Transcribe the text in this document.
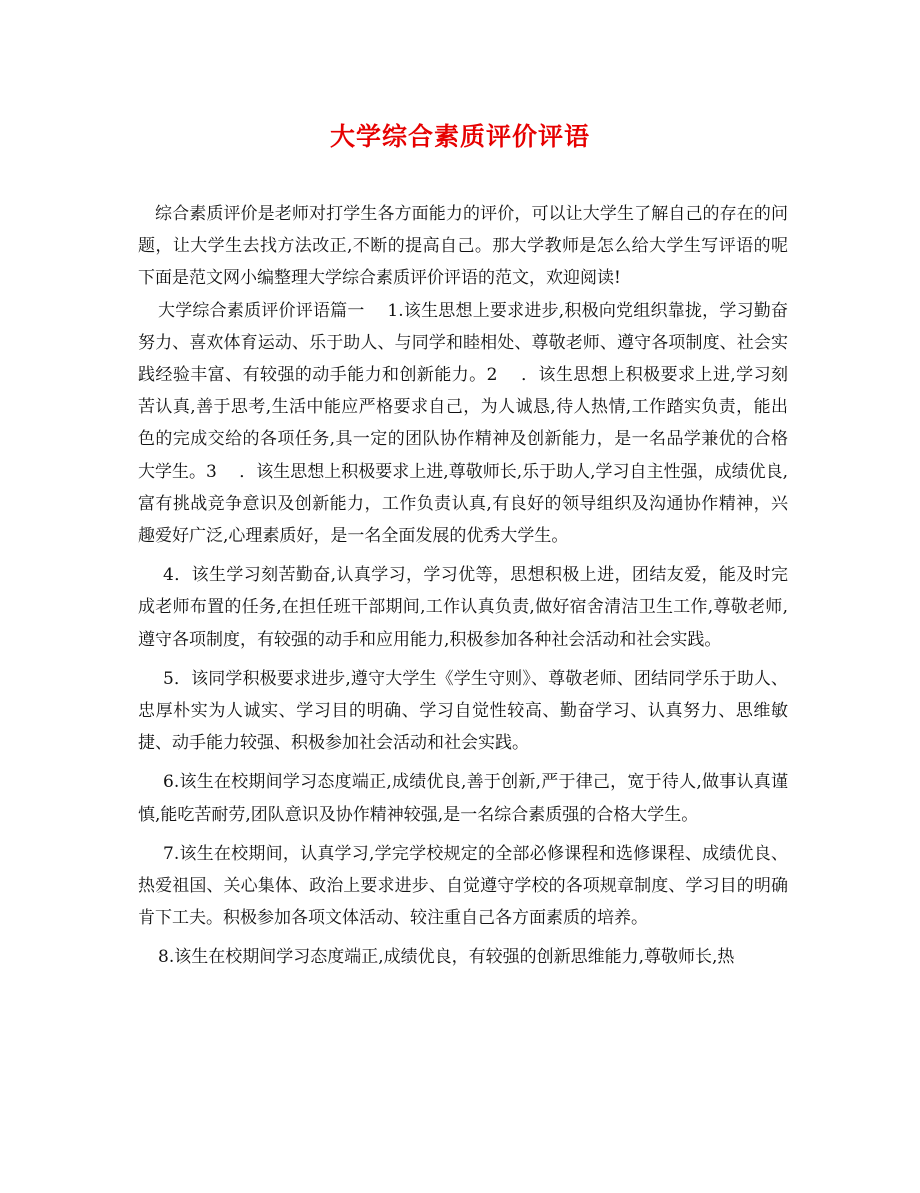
大学综合素质评价评语

综合素质评价是老师对打学生各方面能力的评价，可以让大学生了解自己的存在的问题，让大学生去找方法改正,不断的提高自己。那大学教师是怎么给大学生写评语的呢下面是范文网小编整理大学综合素质评价评语的范文，欢迎阅读!

大学综合素质评价评语篇一　 1.该生思想上要求进步,积极向党组织靠拢，学习勤奋努力、喜欢体育运动、乐于助人、与同学和睦相处、尊敬老师、遵守各项制度、社会实践经验丰富、有较强的动手能力和创新能力。2　 ．该生思想上积极要求上进,学习刻苦认真,善于思考,生活中能应严格要求自己，为人诚恳,待人热情,工作踏实负责，能出色的完成交给的各项任务,具一定的团队协作精神及创新能力，是一名品学兼优的合格大学生。3　 ．该生思想上积极要求上进,尊敬师长,乐于助人,学习自主性强，成绩优良,富有挑战竞争意识及创新能力，工作负责认真,有良好的领导组织及沟通协作精神，兴趣爱好广泛,心理素质好，是一名全面发展的优秀大学生。

4．该生学习刻苦勤奋,认真学习，学习优等，思想积极上进，团结友爱，能及时完成老师布置的任务,在担任班干部期间,工作认真负责,做好宿舍清洁卫生工作,尊敬老师,遵守各项制度，有较强的动手和应用能力,积极参加各种社会活动和社会实践。

5．该同学积极要求进步,遵守大学生《学生守则》、尊敬老师、团结同学乐于助人、忠厚朴实为人诚实、学习目的明确、学习自觉性较高、勤奋学习、认真努力、思维敏捷、动手能力较强、积极参加社会活动和社会实践。

6.该生在校期间学习态度端正,成绩优良,善于创新,严于律己，宽于待人,做事认真谨慎,能吃苦耐劳,团队意识及协作精神较强,是一名综合素质强的合格大学生。

7.该生在校期间，认真学习,学完学校规定的全部必修课程和选修课程、成绩优良、热爱祖国、关心集体、政治上要求进步、自觉遵守学校的各项规章制度、学习目的明确肯下工夫。积极参加各项文体活动、较注重自己各方面素质的培养。

8.该生在校期间学习态度端正,成绩优良，有较强的创新思维能力,尊敬师长,热
